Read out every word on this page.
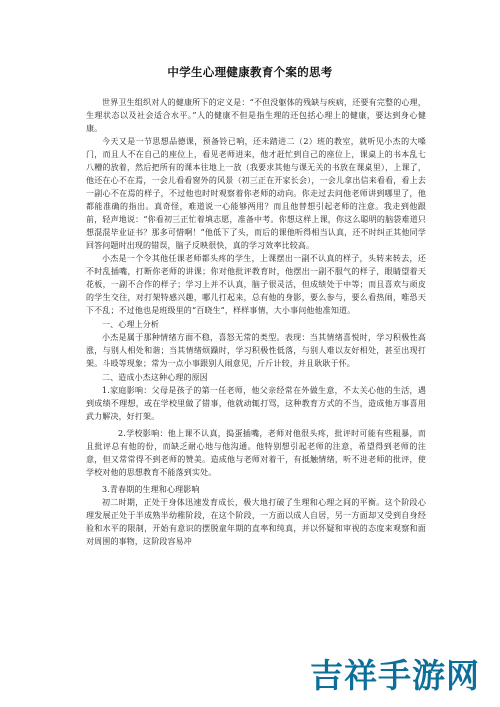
中学生心理健康教育个案的思考

世界卫生组织对人的健康所下的定义是：“不但没躯体的残缺与疾病，还要有完整的心理，生理状态以及社会适合水平。”人的健康不但是指生理的还包括心理上的健康，要达到身心健康。

今天又是一节思想品德课，预备铃已响，还未踏进二（2）班的教室，就听见小杰的大嗓门，而且人不在自己的座位上，看见老师进来，他才赶忙到自己的座位上，课桌上的书本乱七八糟的放着，然后把所有的课本往地上一放（我要求其他与课无关的书放在课桌里），上课了，他还在心不在焉，一会儿看看窗外的风景（初三正在开家长会），一会儿拿出信来看看，看上去一副心不在焉的样子，不过他也时时观察着你老师的动向。你走过去问他老师讲到哪里了，他都能准确的指出。真奇怪，难道说一心能够两用？而且他替想引起老师的注意。我走到他跟前，轻声地说：“你看初三正忙着填志愿，准备中考。你想这样上课，你这么聪明的脑袋难道只想混混毕业证书？那多可惜啊！”他低下了头，而后的课他听得相当认真，还不时纠正其他同学回答问题时出现的错误，脑子反映很快，真的学习效率比较高。

小杰是一个令其他任课老师都头疼的学生，上课摆出一副不认真的样子，头转来转去，还不时乱插嘴，打断你老师的讲课；你对他批评教育时，他摆出一副不服气的样子，眼睛望着天花板，一副不合作的样子；学习上并不认真，脑子很灵活，但成绩处于中等；而且喜欢与顽皮的学生交往，对打架特感兴趣，哪儿打起来，总有他的身影，要么参与，要么看热闹，唯恐天下不乱；不过他也是班级里的“百晓生”，样样事情，大小事问他他准知道。

一、心理上分析

小杰是属于那种情绪方面不稳，喜怒无常的类型。表现：当其情绪喜悦时，学习积极性高涨，与别人相处和谐；当其情绪烦躁时，学习积极性低落，与别人难以友好相处，甚至出现打架。斗殴等现象；常为一点小事跟别人闹意见，斤斤计较，并且耿耿于怀。

二、造成小杰这种心理的原因

1.家庭影响：父母是孩子的第一任老师，他父亲经常在外做生意，不太关心他的生活，遇到成绩不理想，或在学校里做了错事，他就动辄打骂，这种教育方式的不当，造成他万事喜用武力解决，好打架。

2.学校影响：他上课不认真，捣蛋插嘴，老师对他很头疼，批评时可能有些粗暴，而且批评总有他的份，而缺乏耐心地与他沟通。他特别想引起老师的注意，希望得到老师的注意，但又常常得不到老师的赞美。造成他与老师对着干，有抵触情绪，听不进老师的批评，使学校对他的思想教育不能落到实处。

3.青春期的生理和心理影响

初二时期，正处于身体迅速发育成长，极大地打破了生理和心理之间的平衡。这个阶段心理发展正处于半成熟半幼稚阶段，在这个阶段，一方面以成人自居，另一方面却又受到自身经验和水平的限制，开始有意识的摆脱童年期的直率和纯真，并以怀疑和审视的态度来观察和面对周围的事物，这阶段容易冲

吉祥手游网
